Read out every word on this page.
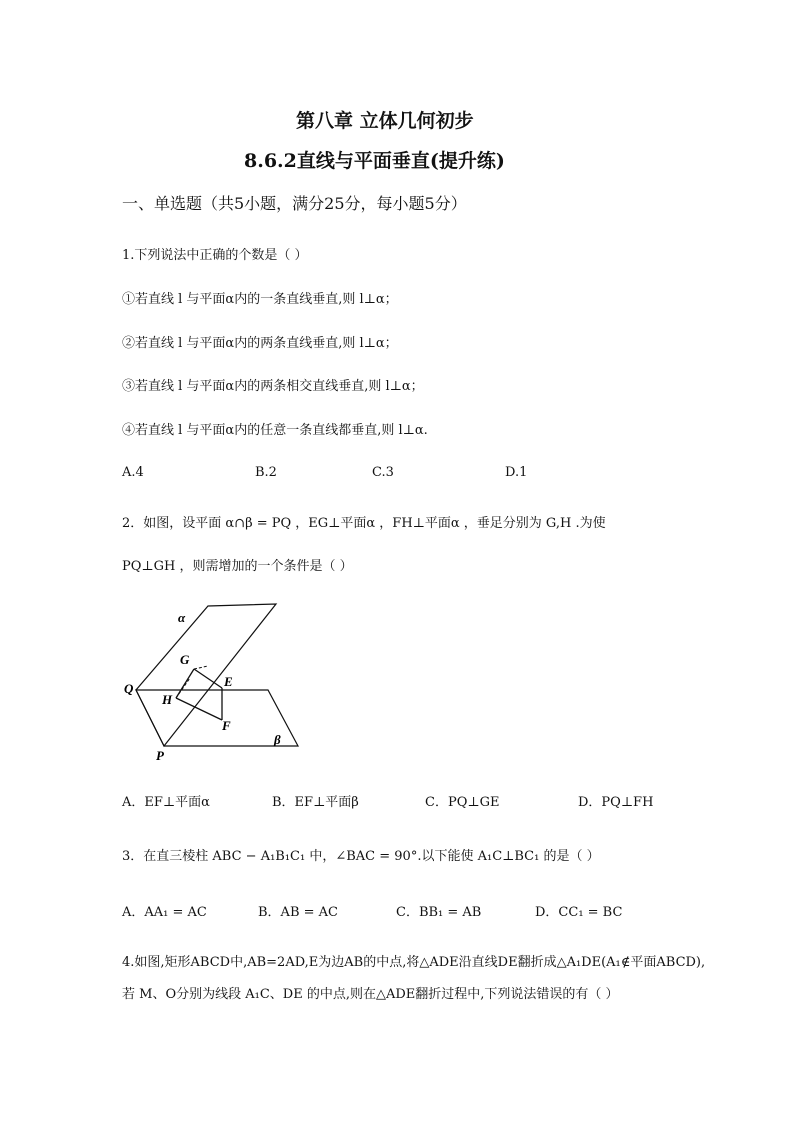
第八章 立体几何初步
8.6.2直线与平面垂直(提升练)
一、单选题（共5小题，满分25分，每小题5分）
1.下列说法中正确的个数是（ ）
①若直线 l 与平面α内的一条直线垂直,则 l⊥α；
②若直线 l 与平面α内的两条直线垂直,则 l⊥α；
③若直线 l 与平面α内的两条相交直线垂直,则 l⊥α；
④若直线 l 与平面α内的任意一条直线都垂直,则 l⊥α.
A.4	B.2	C.3	D.1
2．如图，设平面 α∩β = PQ ，EG⊥平面α ，FH⊥平面α ，垂足分别为 G,H .为使
PQ⊥GH ，则需增加的一个条件是（ ）
α
β
Q
P
G
H
E
F
A．EF⊥平面α	B．EF⊥平面β	C．PQ⊥GE	D．PQ⊥FH
3．在直三棱柱 ABC − A₁B₁C₁ 中，∠BAC = 90°.以下能使 A₁C⊥BC₁ 的是（ ）
A．AA₁ = AC	B．AB = AC	C．BB₁ = AB	D．CC₁ = BC
4.如图,矩形ABCD中,AB=2AD,E为边AB的中点,将△ADE沿直线DE翻折成△A₁DE(A₁∉平面ABCD),
若 M、O分别为线段 A₁C、DE 的中点,则在△ADE翻折过程中,下列说法错误的有（ ）
